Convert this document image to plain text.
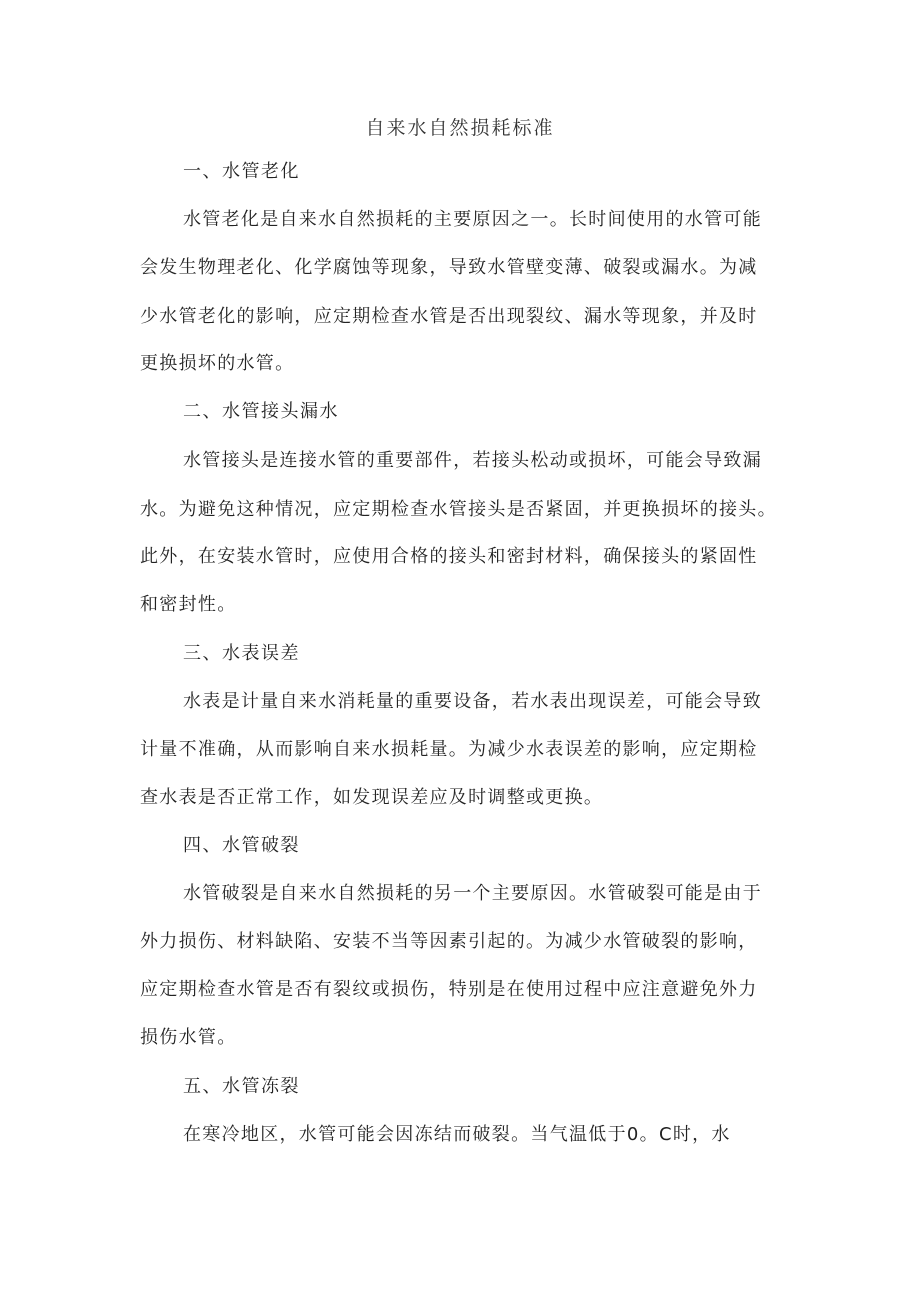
自来水自然损耗标准
一、水管老化
水管老化是自来水自然损耗的主要原因之一。长时间使用的水管可能
会发生物理老化、化学腐蚀等现象，导致水管壁变薄、破裂或漏水。为减
少水管老化的影响，应定期检查水管是否出现裂纹、漏水等现象，并及时
更换损坏的水管。
二、水管接头漏水
水管接头是连接水管的重要部件，若接头松动或损坏，可能会导致漏
水。为避免这种情况，应定期检查水管接头是否紧固，并更换损坏的接头。
此外，在安装水管时，应使用合格的接头和密封材料，确保接头的紧固性
和密封性。
三、水表误差
水表是计量自来水消耗量的重要设备，若水表出现误差，可能会导致
计量不准确，从而影响自来水损耗量。为减少水表误差的影响，应定期检
查水表是否正常工作，如发现误差应及时调整或更换。
四、水管破裂
水管破裂是自来水自然损耗的另一个主要原因。水管破裂可能是由于
外力损伤、材料缺陷、安装不当等因素引起的。为减少水管破裂的影响，
应定期检查水管是否有裂纹或损伤，特别是在使用过程中应注意避免外力
损伤水管。
五、水管冻裂
在寒冷地区，水管可能会因冻结而破裂。当气温低于0。C时，水
